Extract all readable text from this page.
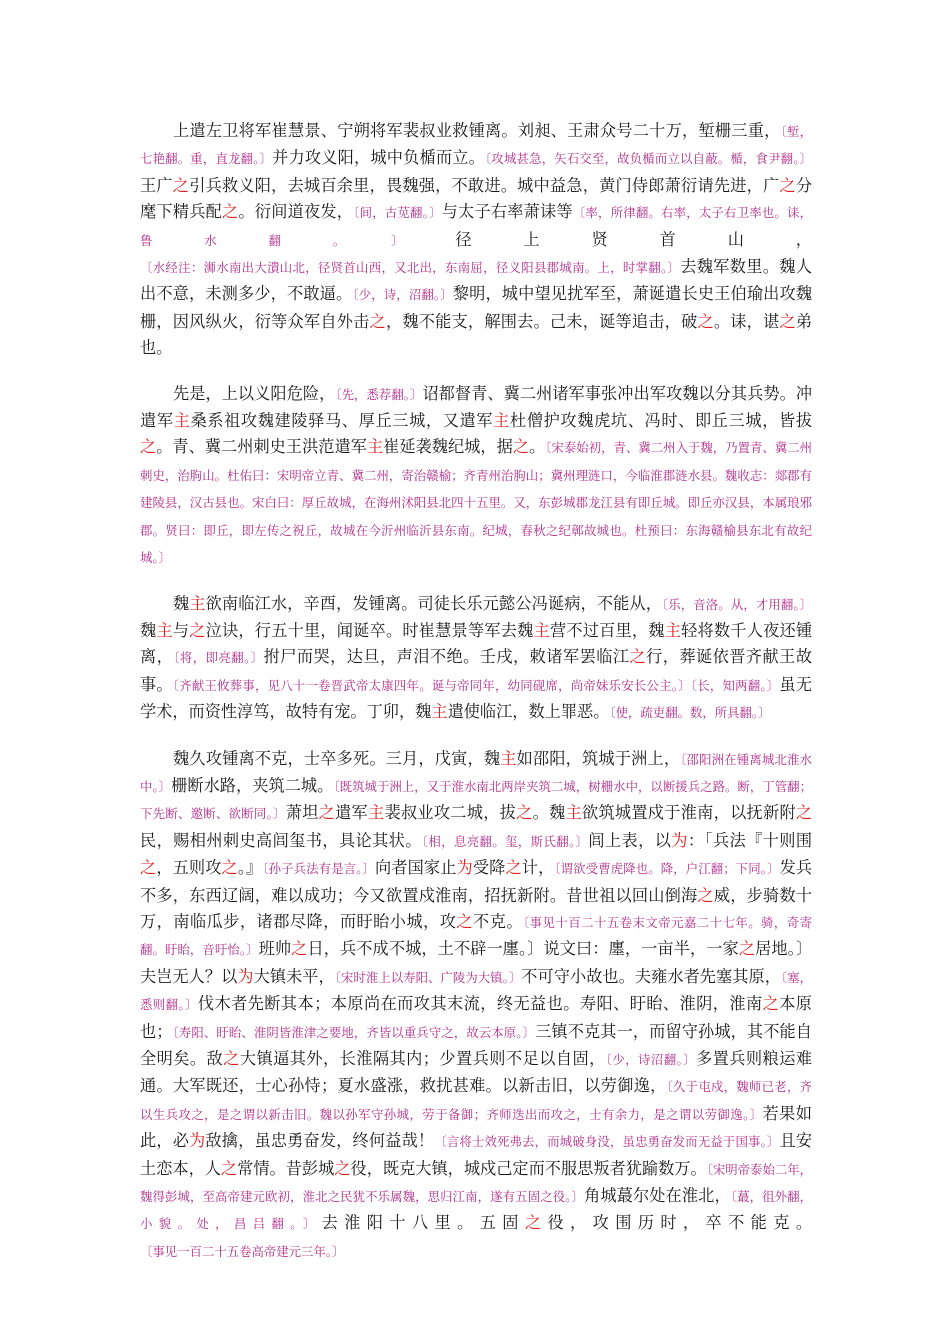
上遣左卫将军崔慧景、宁朔将军裴叔业救锺离。刘昶、王肃众号二十万，堑栅三重，〔堑，七艳翻。重，直龙翻。〕并力攻义阳，城中负楯而立。〔攻城甚急，矢石交至，故负楯而立以自蔽。楯，食尹翻。〕王广之引兵救义阳，去城百余里，畏魏强，不敢进。城中益急，黄门侍郎萧衍请先进，广之分麾下精兵配之。衍间道夜发，〔间，古苋翻。〕与太子右率萧诔等〔率，所律翻。右率，太子右卫率也。诔，鲁水翻。〕径上贤首山，〔水经注：浉水南出大潰山北，径贤首山西，又北出，东南屈，径义阳县郡城南。上，时掌翻。〕去魏军数里。魏人出不意，未测多少，不敢逼。〔少，诗，沼翻。〕黎明，城中望见扰军至，萧诞遣长史王伯瑜出攻魏栅，因风纵火，衍等众军自外击之，魏不能支，解围去。己未，诞等追击，破之。诔，谌之弟也。

先是，上以义阳危险，〔先，悉荐翻。〕诏都督青、冀二州诸军事张冲出军攻魏以分其兵势。冲遣军主桑系祖攻魏建陵驿马、厚丘三城，又遣军主杜僧护攻魏虎坑、冯时、即丘三城，皆拔之。青、冀二州刺史王洪范遣军主崔延袭魏纪城，据之。〔宋泰始初，青、冀二州入于魏，乃置青、冀二州刺史，治朐山。杜佑曰：宋明帝立青、冀二州，寄治赣榆；齐青州治朐山；冀州理涟口，今临淮郡涟水县。魏收志：郯郡有建陵县，汉古县也。宋白曰：厚丘故城，在海州沭阳县北四十五里。又，东彭城郡龙江县有即丘城。即丘亦汉县，本属琅邪郡。贤曰：即丘，即左传之祝丘，故城在今沂州临沂县东南。纪城，春秋之纪鄣故城也。杜预曰：东海赣榆县东北有故纪城。〕

魏主欲南临江水，辛酉，发锺离。司徒长乐元懿公冯诞病，不能从，〔乐，音洛。从，才用翻。〕魏主与之泣诀，行五十里，闻诞卒。时崔慧景等军去魏主营不过百里，魏主轻将数千人夜还锺离，〔将，即亮翻。〕拊尸而哭，达旦，声泪不绝。壬戌，敕诸军罢临江之行，葬诞依晋齐献王故事。〔齐献王攸葬事，见八十一卷晋武帝太康四年。诞与帝同年，幼同砚席，尚帝妹乐安长公主。〕〔长，知两翻。〕虽无学术，而资性淳笃，故特有宠。丁卯，魏主遣使临江，数上罪恶。〔使，疏吏翻。数，所具翻。〕

魏久攻锺离不克，士卒多死。三月，戊寅，魏主如邵阳，筑城于洲上，〔邵阳洲在锺离城北淮水中。〕栅断水路，夹筑二城。〔既筑城于洲上，又于淮水南北两岸夹筑二城，树栅水中，以断援兵之路。断，丁管翻；下先断、邀断、欲断同。〕萧坦之遣军主裴叔业攻二城，拔之。魏主欲筑城置戍于淮南，以抚新附之民，赐相州刺史高闾玺书，具论其状。〔相，息亮翻。玺，斯氏翻。〕闾上表，以为：「兵法『十则围之，五则攻之。』〔孙子兵法有是言。〕向者国家止为受降之计，〔谓欲受曹虎降也。降，户江翻；下同。〕发兵不多，东西辽阔，难以成功；今又欲置戍淮南，招抚新附。昔世祖以回山倒海之威，步骑数十万，南临瓜步，诸郡尽降，而盱眙小城，攻之不克。〔事见十百二十五卷末文帝元嘉二十七年。骑，奇寄翻。盱眙，音吁怡。〕班帅之日，兵不成不城，土不辟一廛。〕说文曰：廛，一亩半，一家之居地。〕夫岂无人？以为大镇未平，〔宋时淮上以寿阳、广陵为大镇。〕不可守小故也。夫雍水者先塞其原，〔塞，悉则翻。〕伐木者先断其本；本原尚在而攻其末流，终无益也。寿阳、盱眙、淮阴，淮南之本原也；〔寿阳、盱眙、淮阴皆淮津之要地，齐皆以重兵守之，故云本原。〕三镇不克其一，而留守孙城，其不能自全明矣。敌之大镇逼其外，长淮隔其内；少置兵则不足以自固，〔少，诗沼翻。〕多置兵则粮运难通。大军既还，士心孙恃；夏水盛涨，救扰甚难。以新击旧，以劳御逸，〔久于屯戍，魏师已老，齐以生兵攻之，是之谓以新击旧。魏以孙军守孙城，劳于备御；齐师迭出而攻之，士有余力，是之谓以劳御逸。〕若果如此，必为敌擒，虽忠勇奋发，终何益哉！〔言将士效死弗去，而城破身没，虽忠勇奋发而无益于国事。〕且安土恋本，人之常情。昔彭城之役，既克大镇，城戍己定而不服思叛者犹踰数万。〔宋明帝泰始二年，魏得彭城，至高帝建元欧初，淮北之民犹不乐属魏，思归江南，遂有五固之役。〕角城蕞尔处在淮北，〔蕞，徂外翻，小貌。处，昌吕翻。〕去淮阳十八里。五固之役，攻围历时，卒不能克。〔事见一百二十五卷高帝建元三年。〕
